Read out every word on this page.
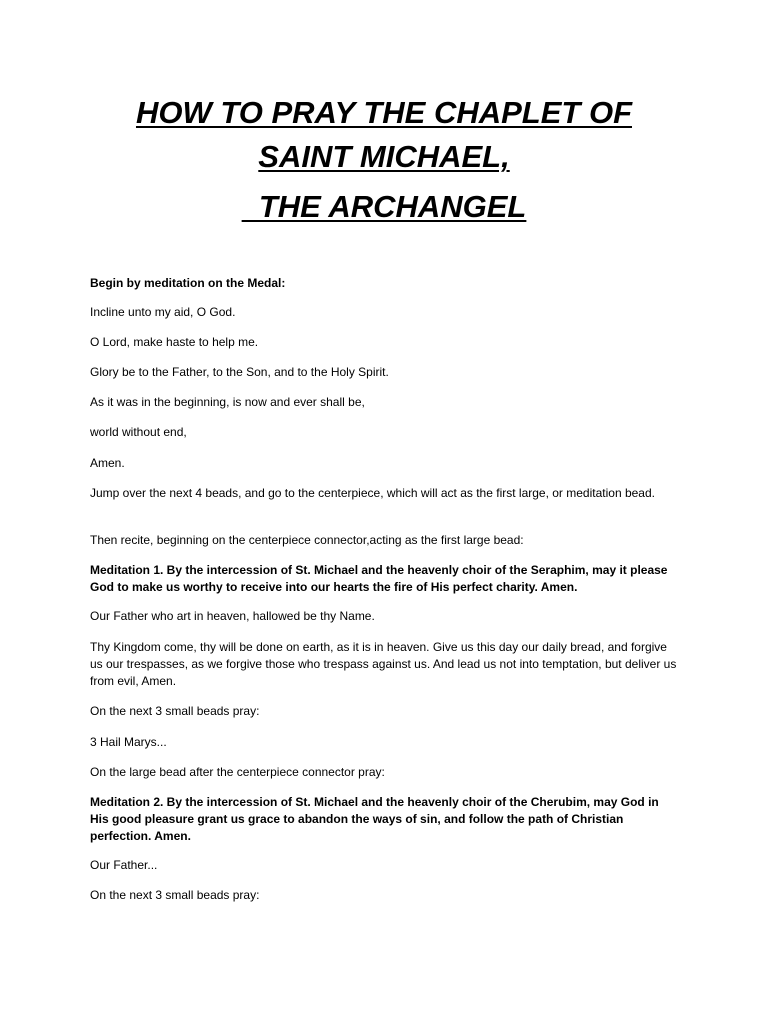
HOW TO PRAY THE CHAPLET OF
SAINT MICHAEL,
THE ARCHANGEL

Begin by meditation on the Medal:

Incline unto my aid, O God.

O Lord, make haste to help me.

Glory be to the Father, to the Son, and to the Holy Spirit.

As it was in the beginning, is now and ever shall be,

world without end,

Amen.

Jump over the next 4 beads, and go to the centerpiece, which will act as the first large, or meditation bead.

Then recite, beginning on the centerpiece connector,acting as the first large bead:

Meditation 1. By the intercession of St. Michael and the heavenly choir of the Seraphim, may it please God to make us worthy to receive into our hearts the fire of His perfect charity. Amen.

Our Father who art in heaven, hallowed be thy Name.

Thy Kingdom come, thy will be done on earth, as it is in heaven. Give us this day our daily bread, and forgive us our trespasses, as we forgive those who trespass against us. And lead us not into temptation, but deliver us from evil, Amen.

On the next 3 small beads pray:

3 Hail Marys...

On the large bead after the centerpiece connector pray:

Meditation 2. By the intercession of St. Michael and the heavenly choir of the Cherubim, may God in His good pleasure grant us grace to abandon the ways of sin, and follow the path of Christian perfection. Amen.

Our Father...

On the next 3 small beads pray:
